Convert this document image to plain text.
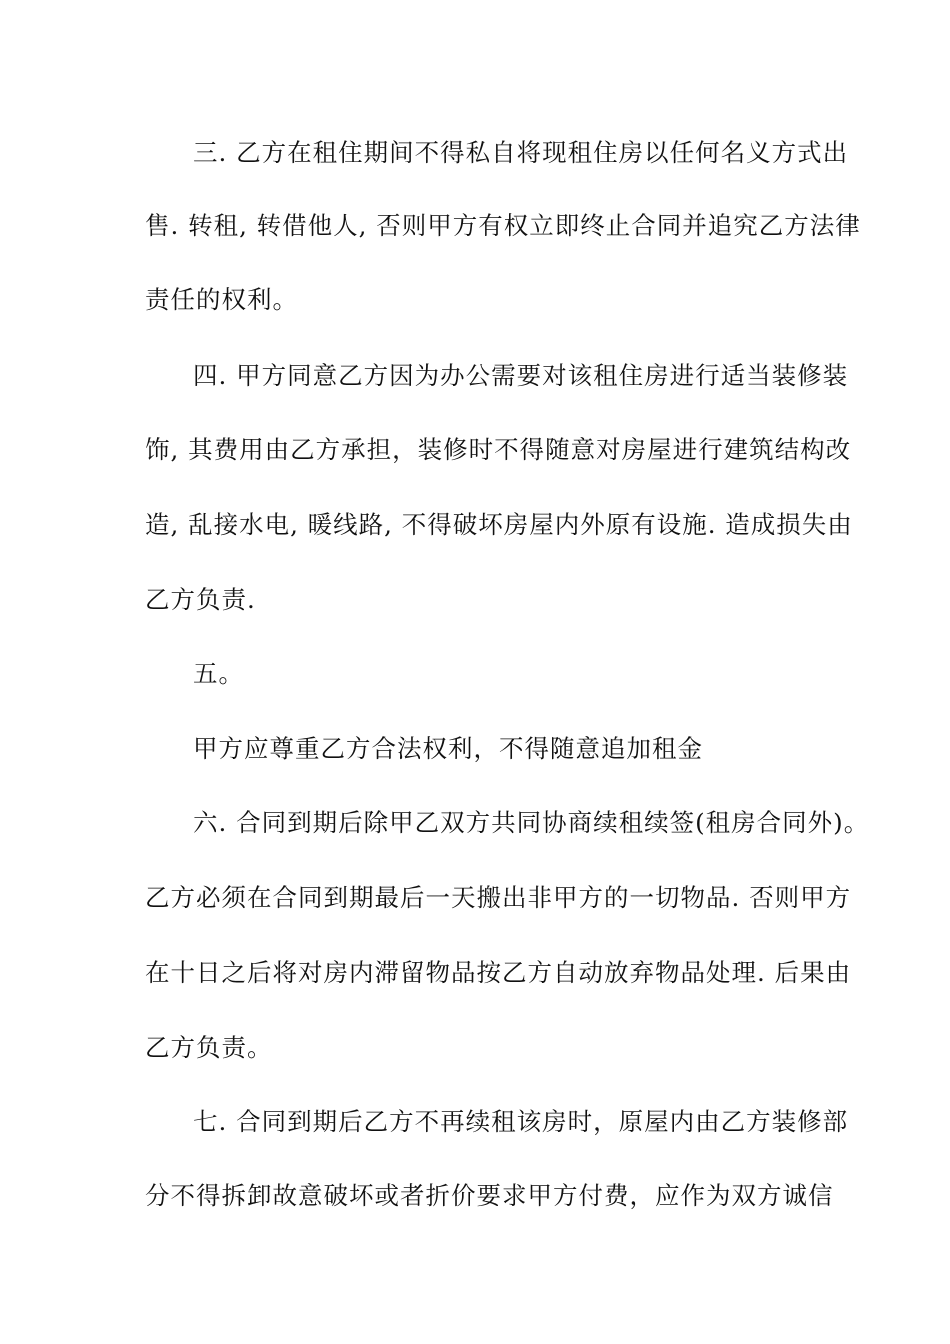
三. 乙方在租住期间不得私自将现租住房以任何名义方式出
售. 转租, 转借他人, 否则甲方有权立即终止合同并追究乙方法律
责任的权利。
四. 甲方同意乙方因为办公需要对该租住房进行适当装修装
饰, 其费用由乙方承担，装修时不得随意对房屋进行建筑结构改
造, 乱接水电, 暖线路, 不得破坏房屋内外原有设施. 造成损失由
乙方负责.
五。
甲方应尊重乙方合法权利，不得随意追加租金
六. 合同到期后除甲乙双方共同协商续租续签(租房合同外)。
乙方必须在合同到期最后一天搬出非甲方的一切物品. 否则甲方
在十日之后将对房内滞留物品按乙方自动放弃物品处理. 后果由
乙方负责。
七. 合同到期后乙方不再续租该房时，原屋内由乙方装修部
分不得拆卸故意破坏或者折价要求甲方付费，应作为双方诚信
